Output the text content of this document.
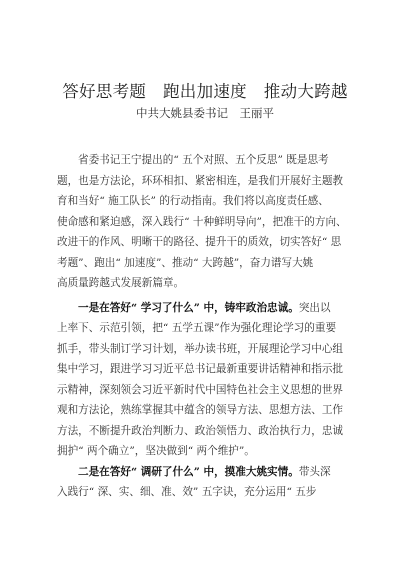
答好思考题　跑出加速度　推动大跨越
中共大姚县委书记　王丽平
省委书记王宁提出的“ 五个对照、五个反思” 既是思考
题，也是方法论，环环相扣、紧密相连，是我们开展好主题教
育和当好“ 施工队长” 的行动指南。我们将以高度责任感、
使命感和紧迫感，深入践行“ 十种鲜明导向”，把准干的方向、
改进干的作风、明晰干的路径、提升干的质效，切实答好“ 思
考题”、跑出“ 加速度”、推动“ 大跨越”，奋力谱写大姚
高质量跨越式发展新篇章。
一是在答好“ 学习了什么” 中，铸牢政治忠诚。突出以
上率下、示范引领，把“ 五学五课”作为强化理论学习的重要
抓手，带头制订学习计划，举办读书班，开展理论学习中心组
集中学习，跟进学习习近平总书记最新重要讲话精神和指示批
示精神，深刻领会习近平新时代中国特色社会主义思想的世界
观和方法论，熟练掌握其中蕴含的领导方法、思想方法、工作
方法，不断提升政治判断力、政治领悟力、政治执行力，忠诚
拥护“ 两个确立”，坚决做到“ 两个维护”。
二是在答好“ 调研了什么” 中，摸准大姚实情。带头深
入践行“ 深、实、细、准、效” 五字诀，充分运用“ 五步
